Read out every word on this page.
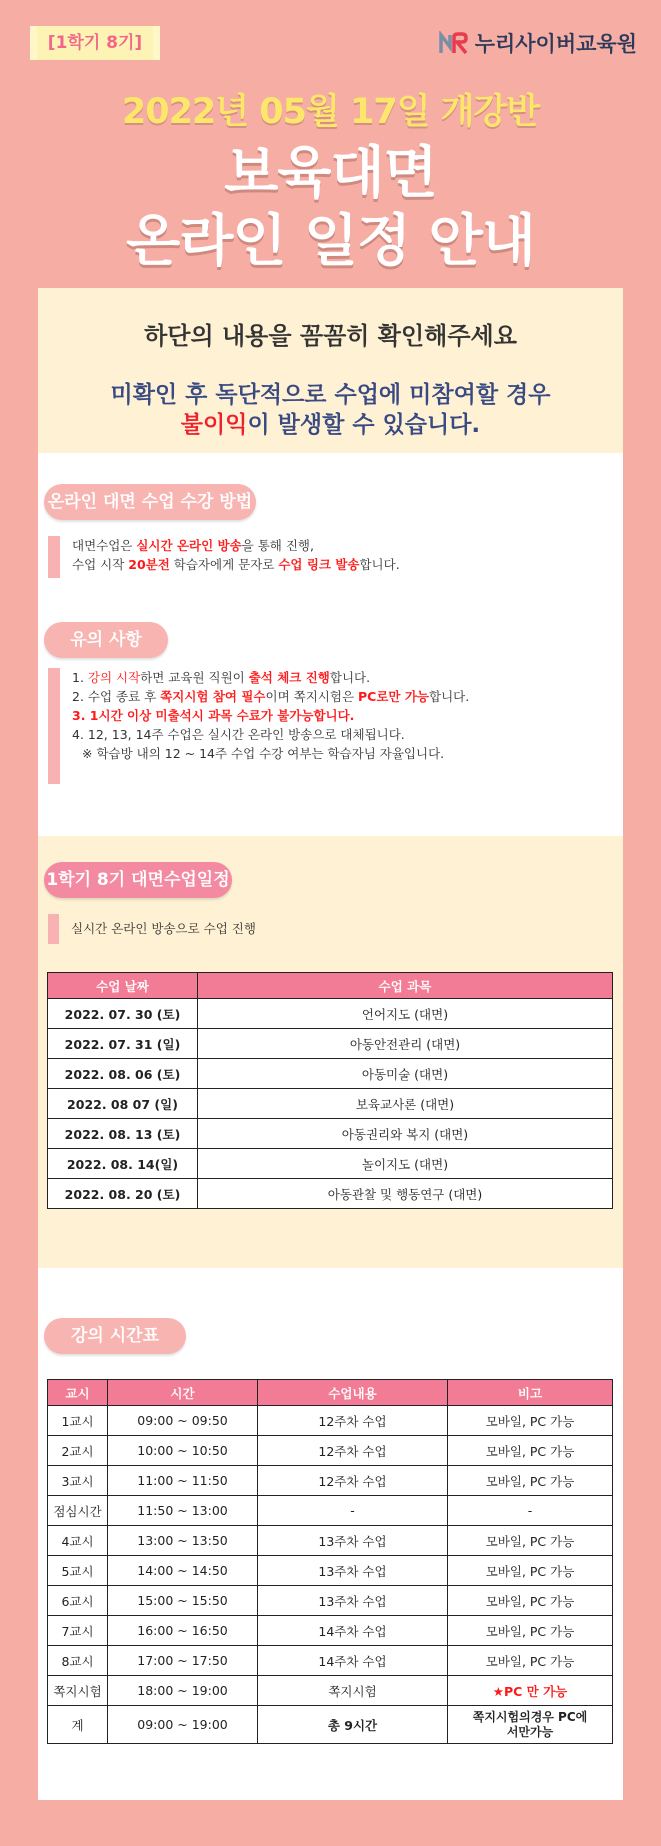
[1학기 8기]	누리사이버교육원
2022년 05월 17일 개강반
보육대면
온라인 일정 안내
하단의 내용을 꼼꼼히 확인해주세요
미확인 후 독단적으로 수업에 미참여할 경우
불이익이 발생할 수 있습니다.
온라인 대면 수업 수강 방법
대면수업은 실시간 온라인 방송을 통해 진행,
수업 시작 20분전 학습자에게 문자로 수업 링크 발송합니다.
유의 사항
1. 강의 시작하면 교육원 직원이 출석 체크 진행합니다.
2. 수업 종료 후 쪽지시험 참여 필수이며 쪽지시험은 PC로만 가능합니다.
3. 1시간 이상 미출석시 과목 수료가 불가능합니다.
4. 12, 13, 14주 수업은 실시간 온라인 방송으로 대체됩니다.
※ 학습방 내의 12 ~ 14주 수업 수강 여부는 학습자님 자율입니다.
1학기 8기 대면수업일정
실시간 온라인 방송으로 수업 진행
수업 날짜	수업 과목
2022. 07. 30 (토)	언어지도 (대면)
2022. 07. 31 (일)	아동안전관리 (대면)
2022. 08. 06 (토)	아동미술 (대면)
2022. 08 07 (일)	보육교사론 (대면)
2022. 08. 13 (토)	아동권리와 복지 (대면)
2022. 08. 14(일)	놀이지도 (대면)
2022. 08. 20 (토)	아동관찰 및 행동연구 (대면)
강의 시간표
교시	시간	수업내용	비고
1교시	09:00 ~ 09:50	12주차 수업	모바일, PC 가능
2교시	10:00 ~ 10:50	12주차 수업	모바일, PC 가능
3교시	11:00 ~ 11:50	12주차 수업	모바일, PC 가능
점심시간	11:50 ~ 13:00	-	-
4교시	13:00 ~ 13:50	13주차 수업	모바일, PC 가능
5교시	14:00 ~ 14:50	13주차 수업	모바일, PC 가능
6교시	15:00 ~ 15:50	13주차 수업	모바일, PC 가능
7교시	16:00 ~ 16:50	14주차 수업	모바일, PC 가능
8교시	17:00 ~ 17:50	14주차 수업	모바일, PC 가능
쪽지시험	18:00 ~ 19:00	쪽지시험	★PC 만 가능
계	09:00 ~ 19:00	총 9시간	쪽지시험의경우 PC에서만가능
